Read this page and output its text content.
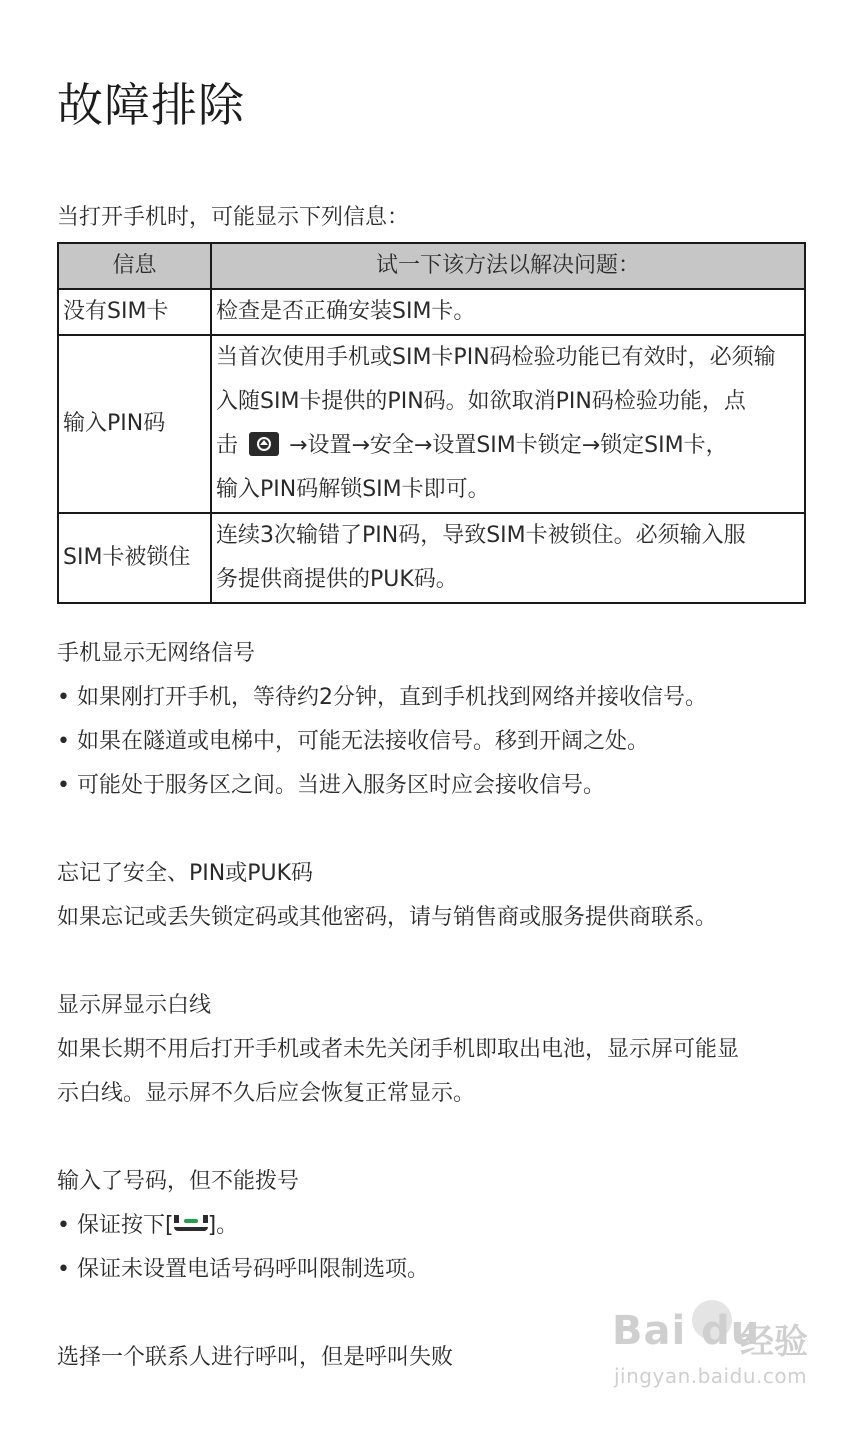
故障排除
当打开手机时，可能显示下列信息：
信息	试一下该方法以解决问题：
没有SIM卡	检查是否正确安装SIM卡。

输入PIN码	当首次使用手机或SIM卡PIN码检验功能已有效时，必须输
入随SIM卡提供的PIN码。如欲取消PIN码检验功能，点
击 →设置→安全→设置SIM卡锁定→锁定SIM卡，
输入PIN码解锁SIM卡即可。

SIM卡被锁住	连续3次输错了PIN码，导致SIM卡被锁住。必须输入服
务提供商提供的PUK码。
手机显示无网络信号
• 如果刚打开手机，等待约2分钟，直到手机找到网络并接收信号。
• 如果在隧道或电梯中，可能无法接收信号。移到开阔之处。
• 可能处于服务区之间。当进入服务区时应会接收信号。
忘记了安全、PIN或PUK码
如果忘记或丢失锁定码或其他密码，请与销售商或服务提供商联系。
显示屏显示白线
如果长期不用后打开手机或者未先关闭手机即取出电池，显示屏可能显
示白线。显示屏不久后应会恢复正常显示。
输入了号码，但不能拨号
• 保证按下[ ]。
• 保证未设置电话号码呼叫限制选项。
选择一个联系人进行呼叫，但是呼叫失败
Bai du
经验
jingyan.baidu.com
